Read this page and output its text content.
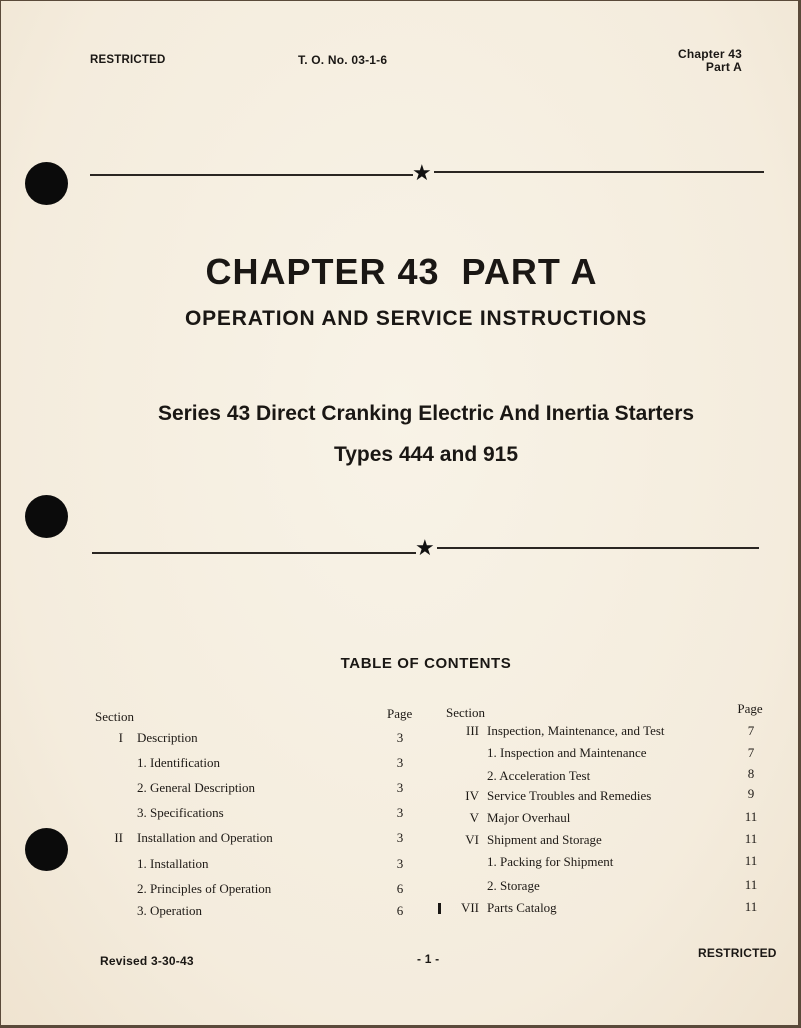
RESTRICTED	T. O. No. 03-1-6	Chapter 43
Part A
★
CHAPTER 43  PART A
OPERATION AND SERVICE INSTRUCTIONS
Series 43 Direct Cranking Electric And Inertia Starters
Types 444 and 915
★
TABLE OF CONTENTS
Section	Page
I Description	3
1. Identification	3
2. General Description	3
3. Specifications	3
II Installation and Operation	3
1. Installation	3
2. Principles of Operation	6
3. Operation	6
Section	Page
III Inspection, Maintenance, and Test	7
1. Inspection and Maintenance	7
2. Acceleration Test	8
IV Service Troubles and Remedies	9
V Major Overhaul	11
VI Shipment and Storage	11
1. Packing for Shipment	11
2. Storage	11
VII Parts Catalog	11
Revised 3-30-43	- 1 -	RESTRICTED
